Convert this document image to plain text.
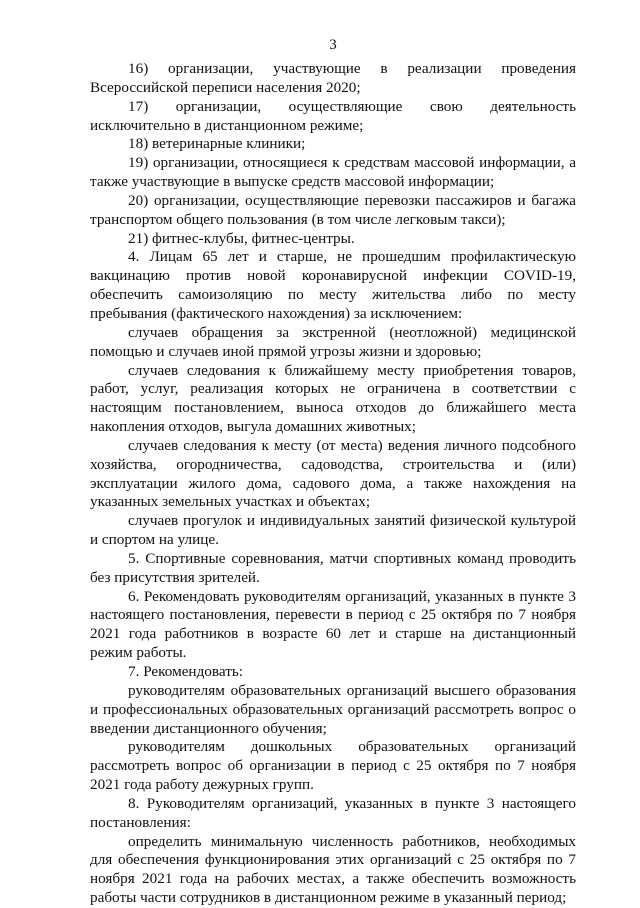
3

16) организации, участвующие в реализации проведения Всероссийской переписи населения 2020;

17) организации, осуществляющие свою деятельность исключительно в дистанционном режиме;

18) ветеринарные клиники;

19) организации, относящиеся к средствам массовой информации, а также участвующие в выпуске средств массовой информации;

20) организации, осуществляющие перевозки пассажиров и багажа транспортом общего пользования (в том числе легковым такси);

21) фитнес-клубы, фитнес-центры.

4. Лицам 65 лет и старше, не прошедшим профилактическую вакцинацию против новой коронавирусной инфекции COVID-19, обеспечить самоизоляцию по месту жительства либо по месту пребывания (фактического нахождения) за исключением:

случаев обращения за экстренной (неотложной) медицинской помощью и случаев иной прямой угрозы жизни и здоровью;

случаев следования к ближайшему месту приобретения товаров, работ, услуг, реализация которых не ограничена в соответствии с настоящим постановлением, выноса отходов до ближайшего места накопления отходов, выгула домашних животных;

случаев следования к месту (от места) ведения личного подсобного хозяйства, огородничества, садоводства, строительства и (или) эксплуатации жилого дома, садового дома, а также нахождения на указанных земельных участках и объектах;

случаев прогулок и индивидуальных занятий физической культурой и спортом на улице.

5. Спортивные соревнования, матчи спортивных команд проводить без присутствия зрителей.

6. Рекомендовать руководителям организаций, указанных в пункте 3 настоящего постановления, перевести в период с 25 октября по 7 ноября 2021 года работников в возрасте 60 лет и старше на дистанционный режим работы.

7. Рекомендовать:

руководителям образовательных организаций высшего образования и профессиональных образовательных организаций рассмотреть вопрос о введении дистанционного обучения;

руководителям дошкольных образовательных организаций рассмотреть вопрос об организации в период с 25 октября по 7 ноября 2021 года работу дежурных групп.

8. Руководителям организаций, указанных в пункте 3 настоящего постановления:

определить минимальную численность работников, необходимых для обеспечения функционирования этих организаций с 25 октября по 7 ноября 2021 года на рабочих местах, а также обеспечить возможность работы части сотрудников в дистанционном режиме в указанный период;
